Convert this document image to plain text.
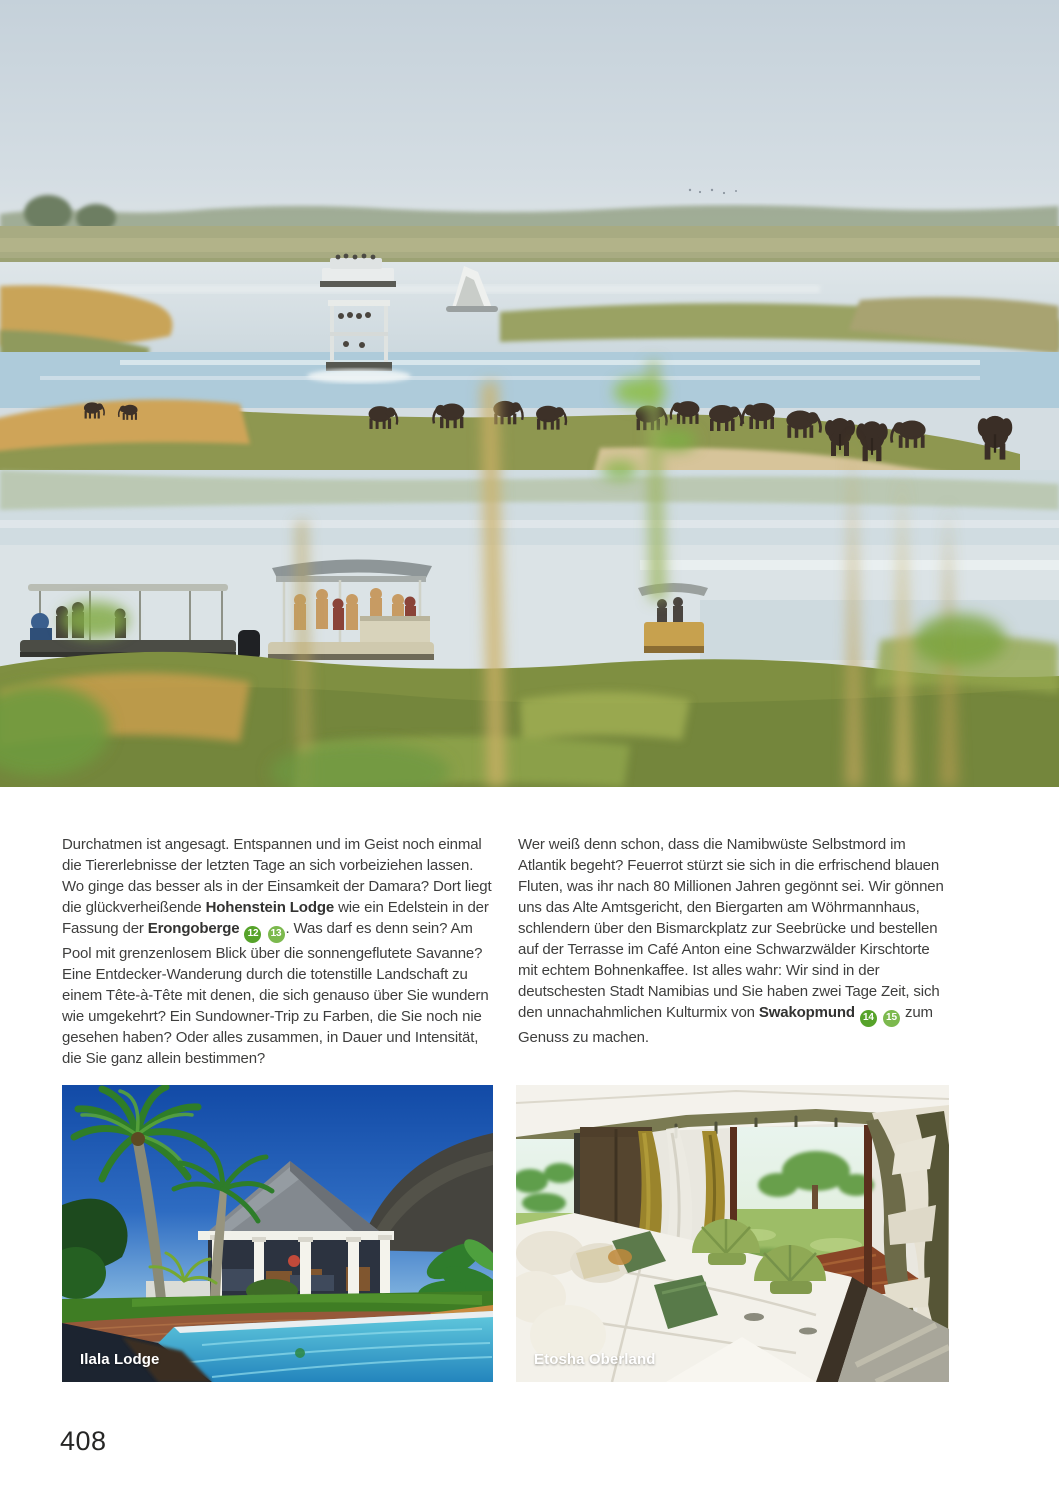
Durchatmen ist angesagt. Entspannen und im Geist noch einmal die Tiererlebnisse der letzten Tage an sich vorbeiziehen lassen. Wo ginge das besser als in der Einsamkeit der Damara? Dort liegt die glückverheißende Hohenstein Lodge wie ein Edelstein in der Fassung der Erongoberge 12 13 . Was darf es denn sein? Am Pool mit grenzenlosem Blick über die sonnengeflutete Savanne? Eine Entdecker-Wanderung durch die totenstille Landschaft zu einem Tête-à-Tête mit denen, die sich genauso über Sie wundern wie umgekehrt? Ein Sundowner-Trip zu Farben, die Sie noch nie gesehen haben? Oder alles zusammen, in Dauer und Intensität, die Sie ganz allein bestimmen?
Wer weiß denn schon, dass die Namibwüste Selbstmord im Atlantik begeht? Feuerrot stürzt sie sich in die erfrischend blauen Fluten, was ihr nach 80 Millionen Jahren gegönnt sei. Wir gönnen uns das Alte Amtsgericht, den Biergarten am Wöhrmannhaus, schlendern über den Bismarckplatz zur Seebrücke und bestellen auf der Terrasse im Café Anton eine Schwarzwälder Kirschtorte mit echtem Bohnenkaffee. Ist alles wahr: Wir sind in der deutschesten Stadt Namibias und Sie haben zwei Tage Zeit, sich den unnachahmlichen Kulturmix von Swakopmund 14 15 zum Genuss zu machen.
Ilala Lodge	Etosha Oberland
408
